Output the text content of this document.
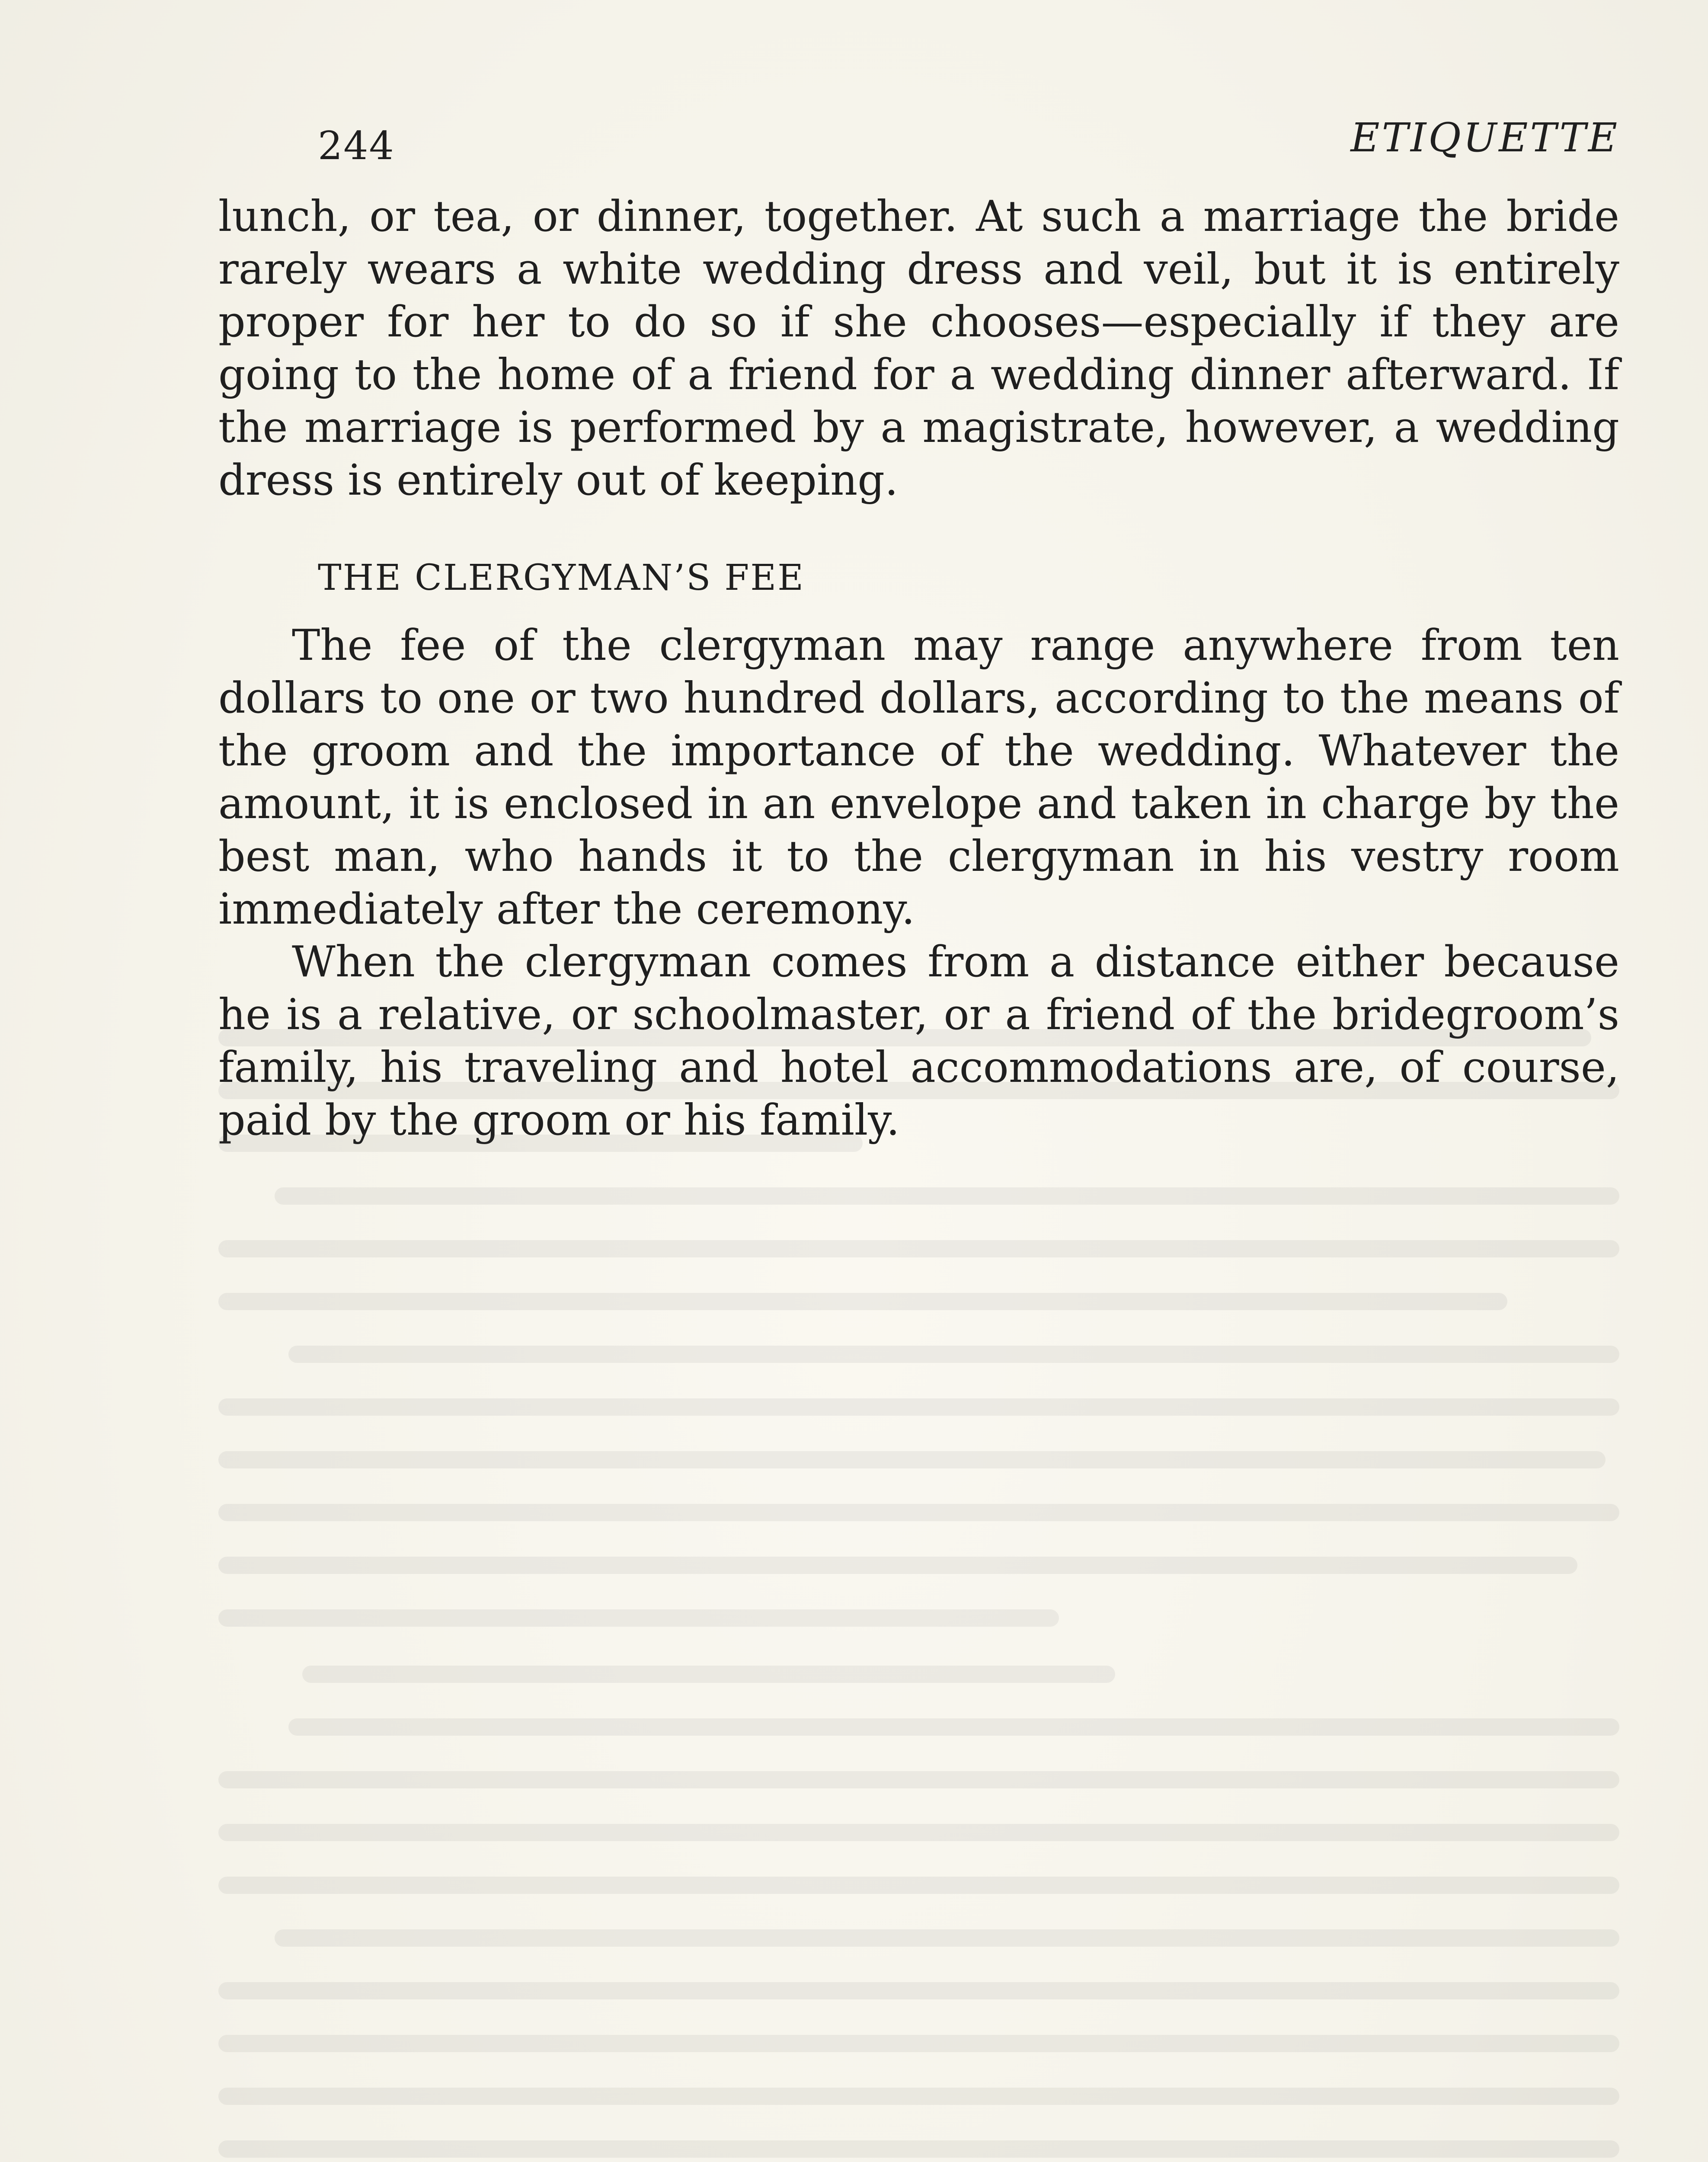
244	ETIQUETTE

lunch, or tea, or dinner, together. At such a marriage the bride rarely wears a white wedding dress and veil, but it is entirely proper for her to do so if she chooses—especially if they are going to the home of a friend for a wedding dinner afterward. If the marriage is performed by a magistrate, however, a wedding dress is entirely out of keeping.

THE CLERGYMAN’S FEE

The fee of the clergyman may range anywhere from ten dollars to one or two hundred dollars, according to the means of the groom and the importance of the wedding. Whatever the amount, it is enclosed in an envelope and taken in charge by the best man, who hands it to the clergyman in his vestry room immediately after the ceremony.

When the clergyman comes from a distance either because he is a relative, or schoolmaster, or a friend of the bridegroom’s family, his traveling and hotel accommodations are, of course, paid by the groom or his family.
